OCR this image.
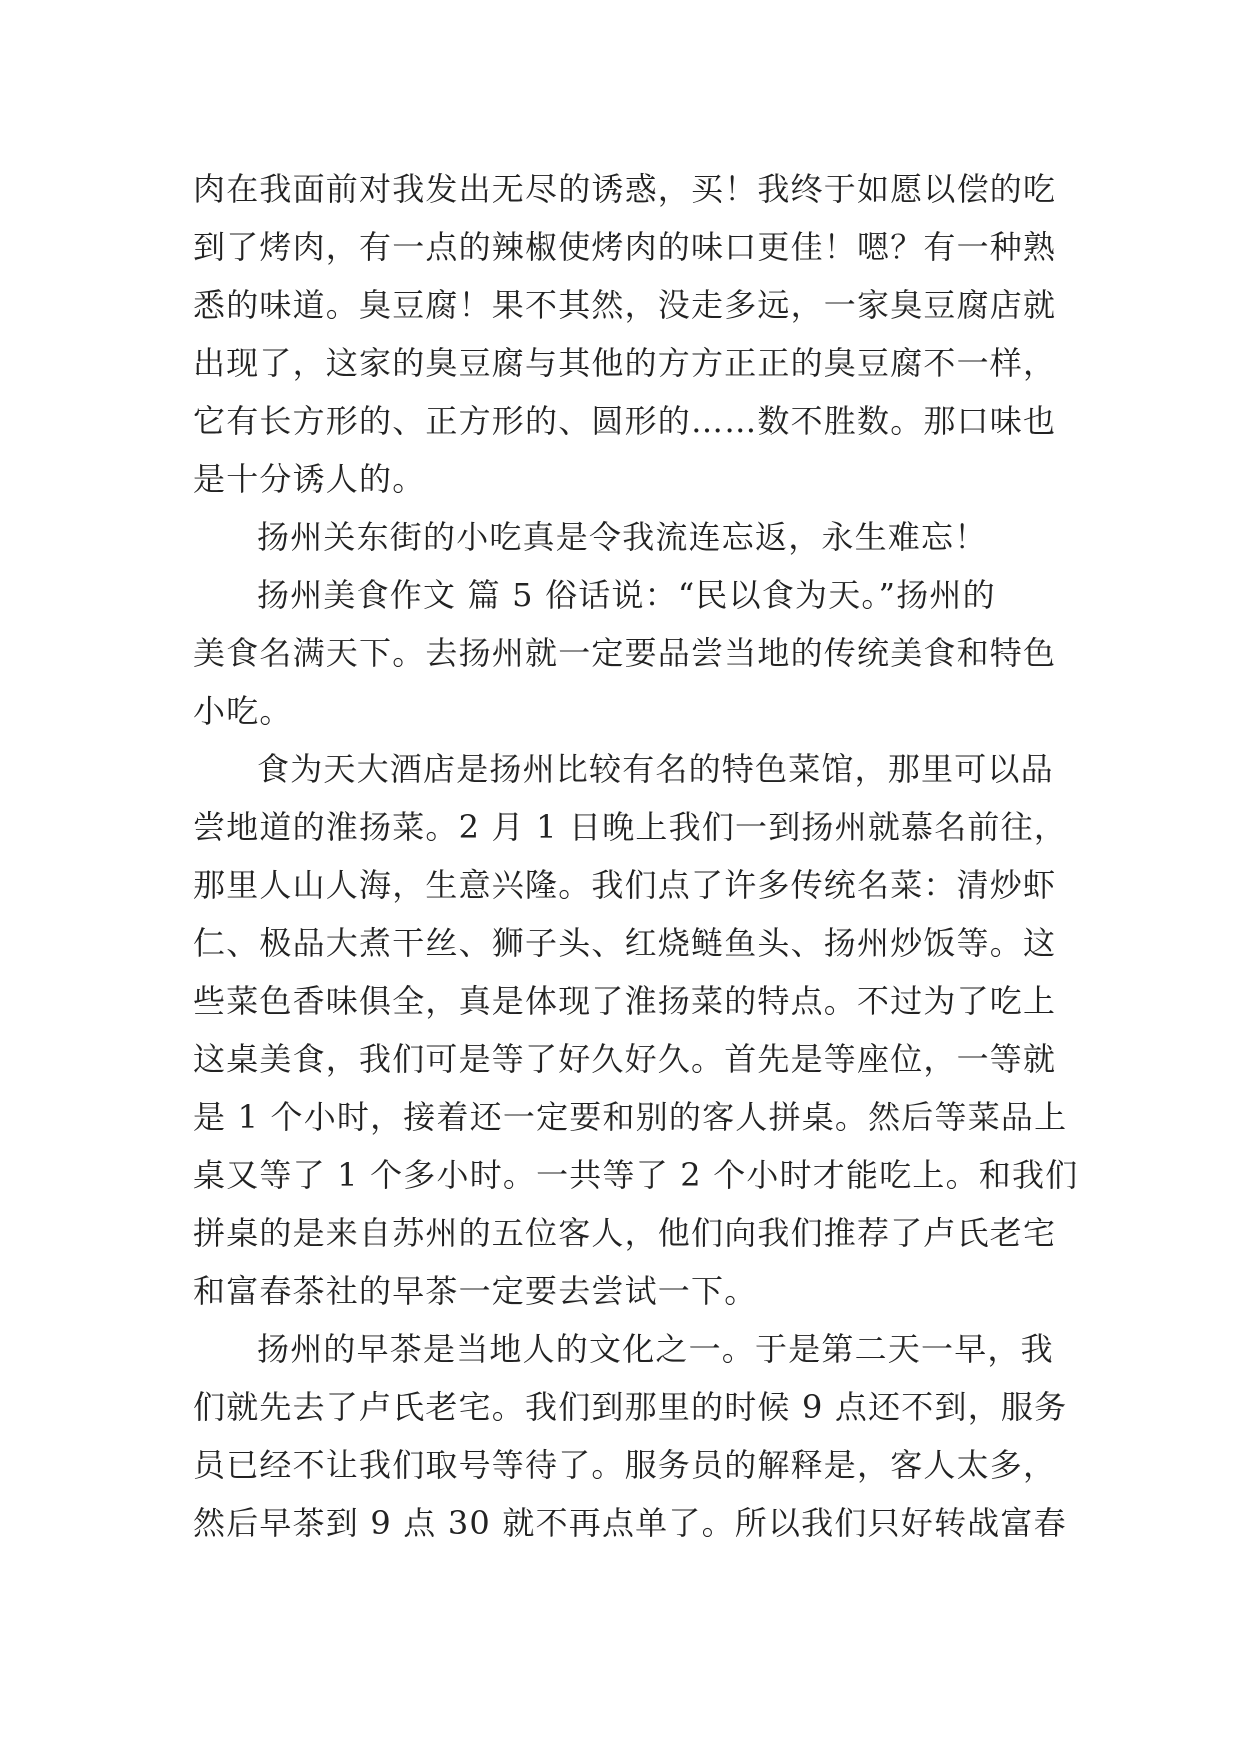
肉在我面前对我发出无尽的诱惑，买！我终于如愿以偿的吃
到了烤肉，有一点的辣椒使烤肉的味口更佳！嗯？有一种熟
悉的味道。臭豆腐！果不其然，没走多远，一家臭豆腐店就
出现了，这家的臭豆腐与其他的方方正正的臭豆腐不一样，
它有长方形的、正方形的、圆形的……数不胜数。那口味也
是十分诱人的。
扬州关东街的小吃真是令我流连忘返，永生难忘！
扬州美食作文 篇 5 俗话说：“民以食为天。”扬州的
美食名满天下。去扬州就一定要品尝当地的传统美食和特色
小吃。
食为天大酒店是扬州比较有名的特色菜馆，那里可以品
尝地道的淮扬菜。2 月 1 日晚上我们一到扬州就慕名前往，
那里人山人海，生意兴隆。我们点了许多传统名菜：清炒虾
仁、极品大煮干丝、狮子头、红烧鲢鱼头、扬州炒饭等。这
些菜色香味俱全，真是体现了淮扬菜的特点。不过为了吃上
这桌美食，我们可是等了好久好久。首先是等座位，一等就
是 1 个小时，接着还一定要和别的客人拼桌。然后等菜品上
桌又等了 1 个多小时。一共等了 2 个小时才能吃上。和我们
拼桌的是来自苏州的五位客人，他们向我们推荐了卢氏老宅
和富春茶社的早茶一定要去尝试一下。
扬州的早茶是当地人的文化之一。于是第二天一早，我
们就先去了卢氏老宅。我们到那里的时候 9 点还不到，服务
员已经不让我们取号等待了。服务员的解释是，客人太多，
然后早茶到 9 点 30 就不再点单了。所以我们只好转战富春
